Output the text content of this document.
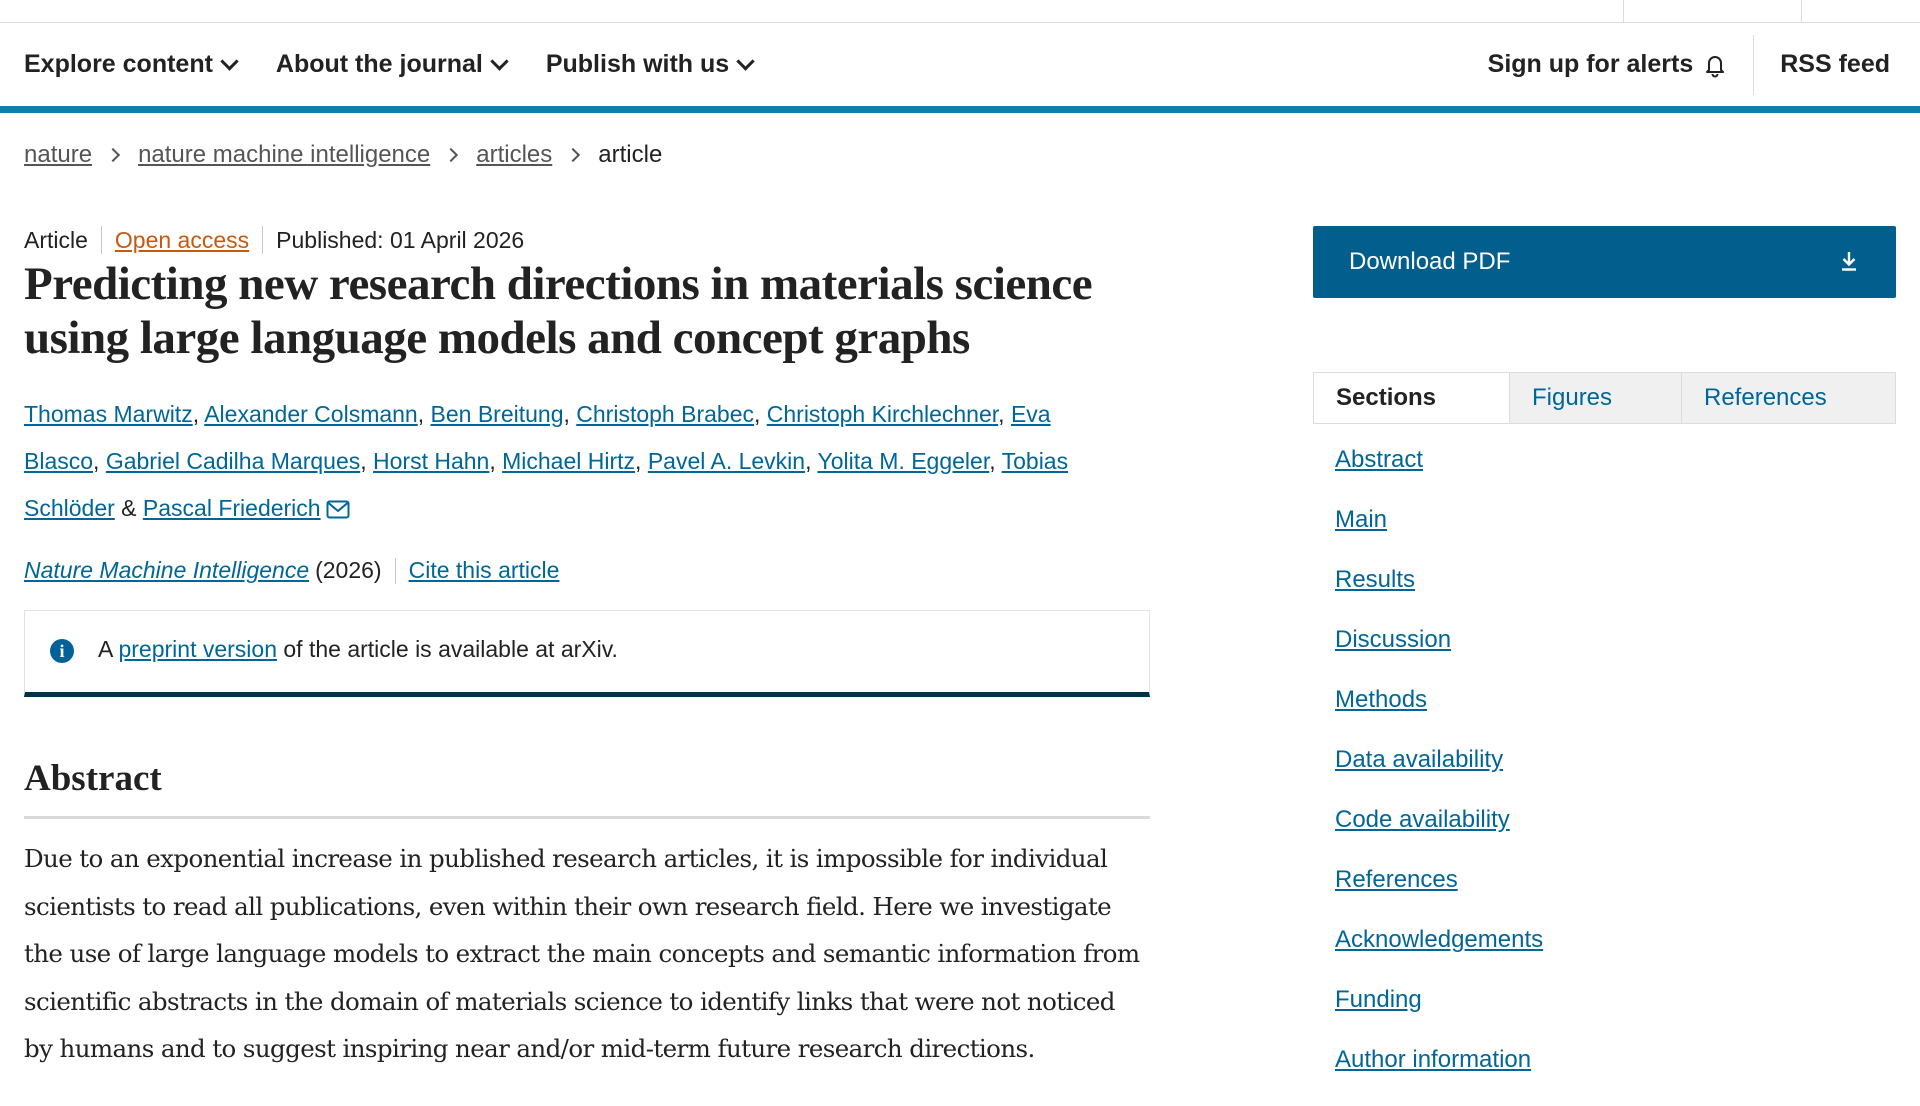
Explore content	About the journal	Publish with us	Sign up for alerts	RSS feed
nature nature machine intelligence articles article
Article Open access Published: 01 April 2026
Predicting new research directions in materials science using large language models and concept graphs
Thomas Marwitz, Alexander Colsmann, Ben Breitung, Christoph Brabec, Christoph Kirchlechner, Eva Blasco, Gabriel Cadilha Marques, Horst Hahn, Michael Hirtz, Pavel A. Levkin, Yolita M. Eggeler, Tobias Schlöder & Pascal Friederich
Nature Machine Intelligence (2026) Cite this article
i	A preprint version of the article is available at arXiv.
Abstract

Due to an exponential increase in published research articles, it is impossible for individual scientists to read all publications, even within their own research field. Here we investigate the use of large language models to extract the main concepts and semantic information from scientific abstracts in the domain of materials science to identify links that were not noticed by humans and to suggest inspiring near and/or mid-term future research directions.

Download PDF
Sections	Figures	References
Abstract
Main
Results
Discussion
Methods
Data availability
Code availability
References
Acknowledgements
Funding
Author information
